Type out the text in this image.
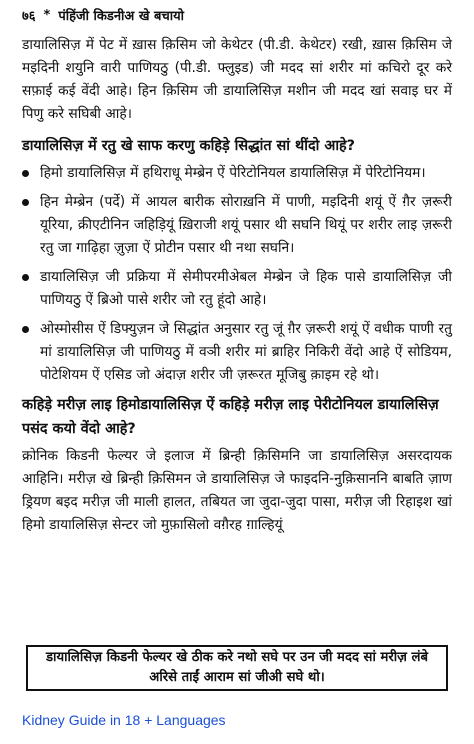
७६ * पंहिंजी किडनीअ खे बचायो

डायालिसिज़ में पेट में ख़ास क़िसिम जो केथेटर (पी.डी. केथेटर) रखी, ख़ास क़िसिम जे मइदिनी शयुनि वारी पाणियठु (पी.डी. फ्लुइड) जी मदद सां शरीर मां कचिरो दूर करे सफ़ाई कई वेंदी आहे। हिन क़िसिम जी डायालिसिज़ मशीन जी मदद खां सवाइ घर में पिणु करे सघिबी आहे।

डायालिसिज़ में रतु खे साफ करणु कहिड़े सिद्धांत सां थींदो आहे?
हिमो डायालिसिज़ में हथिराधू मेम्ब्रेन ऐं पेरिटोनियल डायालिसिज़ में पेरिटोनियम।
हिन मेम्ब्रेन (पर्दे) में आयल बारीक सोराख़नि में पाणी, मइदिनी शयूं ऐं ग़ैर ज़रूरी यूरिया, क्रीएटीनिन जहिड़ियूं ख़िराजी शयूं पसार थी सघनि थियूं पर शरीर लाइ ज़रूरी रतु जा गाढ़िहा ज़ुज़ा ऐं प्रोटीन पसार थी नथा सघनि।
डायालिसिज़ जी प्रक्रिया में सेमीपरमीअेबल मेम्ब्रेन जे हिक पासे डायालिसिज़ जी पाणियठु ऐं ब्रिओ पासे शरीर जो रतु हूंदो आहे।
ओस्मोसीस ऐं डिफ्युज़न जे सिद्धांत अनुसार रतु जूं ग़ैर ज़रूरी शयूं ऐं वधीक पाणी रतु मां डायालिसिज़ जी पाणियठु में वञी शरीर मां ब्राहिर निकिरी वेंदो आहे ऐं सोडियम, पोटेशियम ऐं एसिड जो अंदाज़ शरीर जी ज़रूरत मूजिबु क़ाइम रहे थो।
कहिड़े मरीज़ लाइ हिमोडायालिसिज़ ऐं कहिड़े मरीज़ लाइ पेरीटोनियल डायालिसिज़ पसंद कयो वेंदो आहे?

क्रोनिक किडनी फेल्यर जे इलाज में ब्रिन्ही क़िसिमनि जा डायालिसिज़ असरदायक आहिनि। मरीज़ खे ब्रिन्ही क़िसिमन जे डायालिसिज़ जे फाइदनि-नुक़िसाननि बाबति ज़ाण ड्रियण बइद मरीज़ जी माली हालत, तबियत जा जुदा-जुदा पासा, मरीज़ जी रिहाइश खां हिमो डायालिसिज़ सेन्टर जो मुफ़ासिलो वग़ैरह ग़ाल्हियूं

डायालिसिज़ किडनी फेल्यर खे ठीक करे नथो सघे पर उन जी मदद सां मरीज़ लंबे अरिसे ताईं आराम सां जीअी सघे थो।
Kidney Guide in 18 + Languages
